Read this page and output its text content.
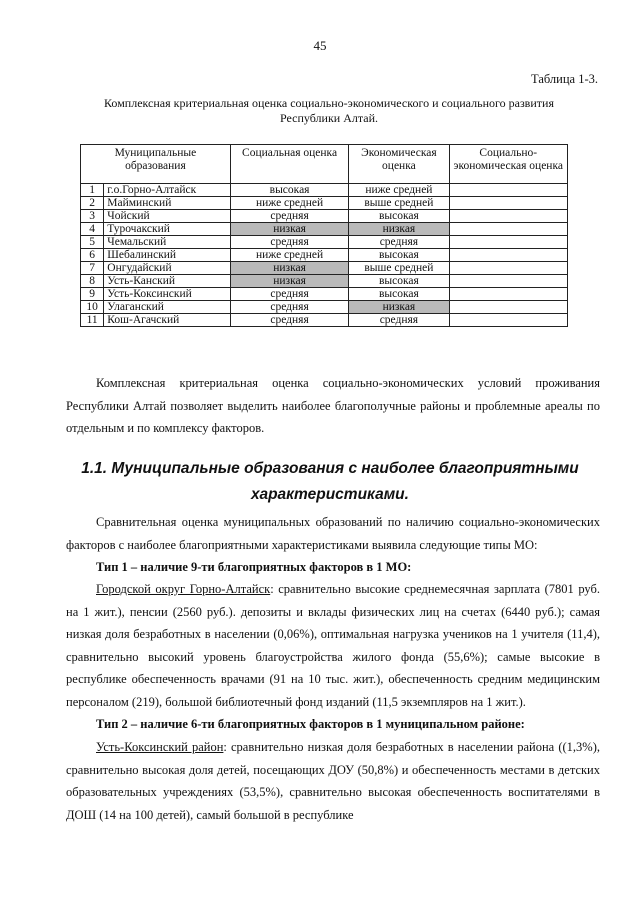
45
Таблица 1-3.
Комплексная критериальная оценка социально-экономического и социального развития Республики Алтай.
Муниципальные образования		Социальная оценка	Экономическая оценка	Социально-экономическая оценка
1	г.о.Горно-Алтайск	высокая	ниже средней	
2	Майминский	ниже средней	выше средней	
3	Чойский	средняя	высокая	
4	Турочакский	низкая	низкая	
5	Чемальский	средняя	средняя	
6	Шебалинский	ниже средней	высокая	
7	Онгудайский	низкая	выше средней	
8	Усть-Канский	низкая	высокая	
9	Усть-Коксинский	средняя	высокая	
10	Улаганский	средняя	низкая	
11	Кош-Агачский	средняя	средняя	
Комплексная критериальная оценка социально-экономических условий проживания Республики Алтай позволяет выделить наиболее благополучные районы и проблемные ареалы по отдельным и по комплексу факторов.
1.1. Муниципальные образования с наиболее благоприятными характеристиками.
Сравнительная оценка муниципальных образований по наличию социально-экономических факторов с наиболее благоприятными характеристиками выявила следующие типы МО:
Тип 1 – наличие 9-ти благоприятных факторов в 1 МО:
Городской округ Горно-Алтайск: сравнительно высокие среднемесячная зарплата (7801 руб. на 1 жит.), пенсии (2560 руб.). депозиты и вклады физических лиц на счетах (6440 руб.); самая низкая доля безработных в населении (0,06%), оптимальная нагрузка учеников на 1 учителя (11,4), сравнительно высокий уровень благоустройства жилого фонда (55,6%); самые высокие в республике обеспеченность врачами (91 на 10 тыс. жит.), обеспеченность средним медицинским персоналом (219), большой библиотечный фонд изданий (11,5 экземпляров на 1 жит.).
Тип 2 – наличие 6-ти благоприятных факторов в 1 муниципальном районе:
Усть-Коксинский район: сравнительно низкая доля безработных в населении района ((1,3%), сравнительно высокая доля детей, посещающих ДОУ (50,8%) и обеспеченность местами в детских образовательных учреждениях (53,5%), сравнительно высокая обеспеченность воспитателями в ДОШ (14 на 100 детей), самый большой в республике
